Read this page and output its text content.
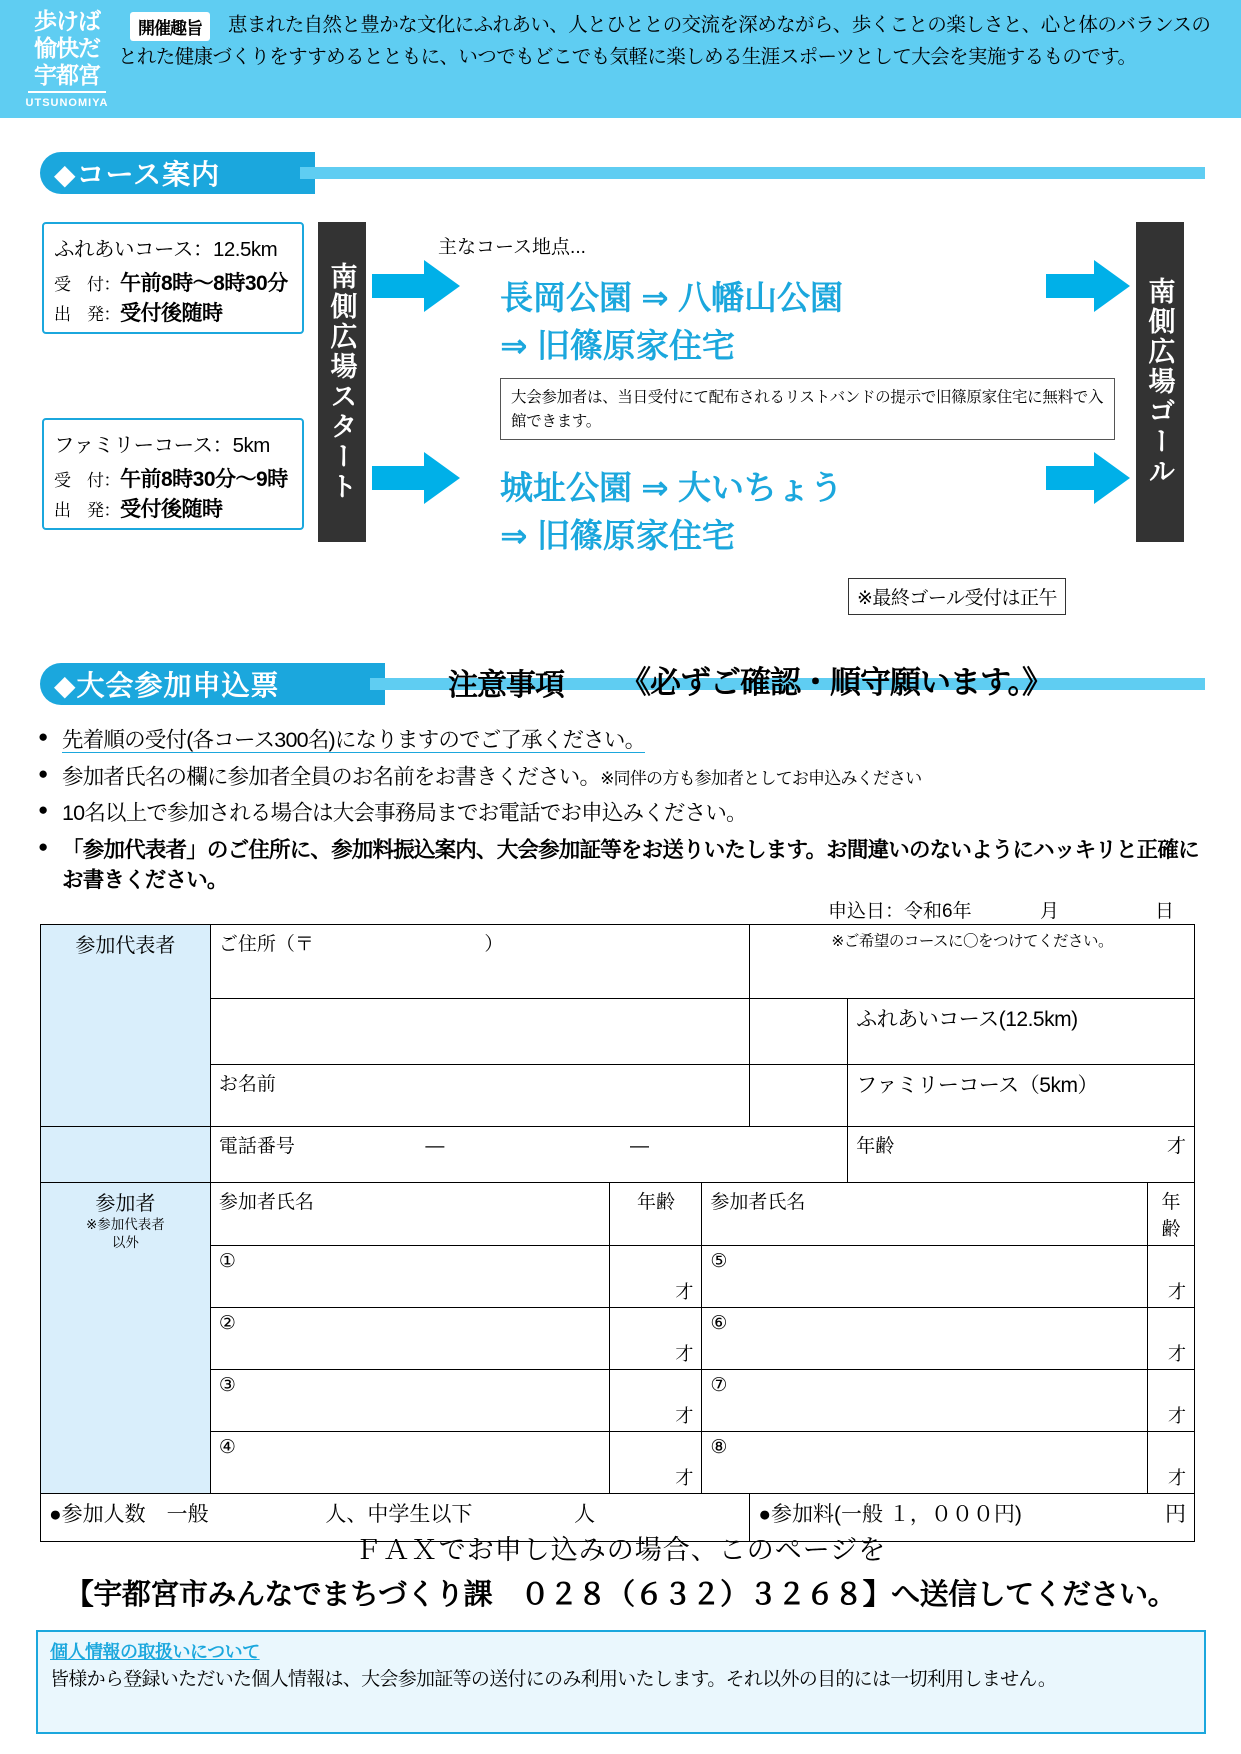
歩けば
愉快だ
宇都宮
UTSUNOMIYA
恵まれた自然と豊かな文化にふれあい、人とひととの交流を深めながら、歩くことの楽しさと、心と体のバランスのとれた健康づくりをすすめるとともに、いつでもどこでも気軽に楽しめる生涯スポーツとして大会を実施するものです。
開催趣旨
◆コース案内
ふれあいコース：12.5km
受　付：午前8時〜8時30分
出　発：受付後随時
ファミリーコース：5km
受　付：午前8時30分〜9時
出　発：受付後随時
南側広場スタート	南側広場ゴール
主なコース地点...
長岡公園 ⇒ 八幡山公園
⇒ 旧篠原家住宅
大会参加者は、当日受付にて配布されるリストバンドの提示で旧篠原家住宅に無料で入館できます。
城址公園 ⇒ 大いちょう
⇒ 旧篠原家住宅
※最終ゴール受付は正午
◆大会参加申込票	注意事項 《必ずご確認・順守願います。》
● 先着順の受付(各コース300名)になりますのでご了承ください。
● 参加者氏名の欄に参加者全員のお名前をお書きください。※同伴の方も参加者としてお申込みください
● 10名以上で参加される場合は大会事務局までお電話でお申込みください。
● 「参加代表者」のご住所に、参加料振込案内、大会参加証等をお送りいたします。お間違いのないようにハッキリと正確にお書きください。
申込日：令和6年	月	日
参加代表者	ご住所（〒 ）			※ご希望のコースに〇をつけてください。		
					ふれあいコース(12.5km)	
	お名前				ファミリーコース（5km）	
	電話番号 — —				年齢 才	

参加者
※参加代表者
以外	参加者氏名	年齢	参加者氏名			年齢
	①	才	⑤			才

	②	才	⑥			才

	③	才	⑦			才

	④	才	⑧			才

●参加人数　一般 人、中学生以下 人				●参加料(一般 １，０００円) 円		
ＦＡＸでお申し込みの場合、このページを
【宇都宮市みんなでまちづくり課　０２８（６３２）３２６８】へ送信してください。
個人情報の取扱いについて
皆様から登録いただいた個人情報は、大会参加証等の送付にのみ利用いたします。それ以外の目的には一切利用しません。
